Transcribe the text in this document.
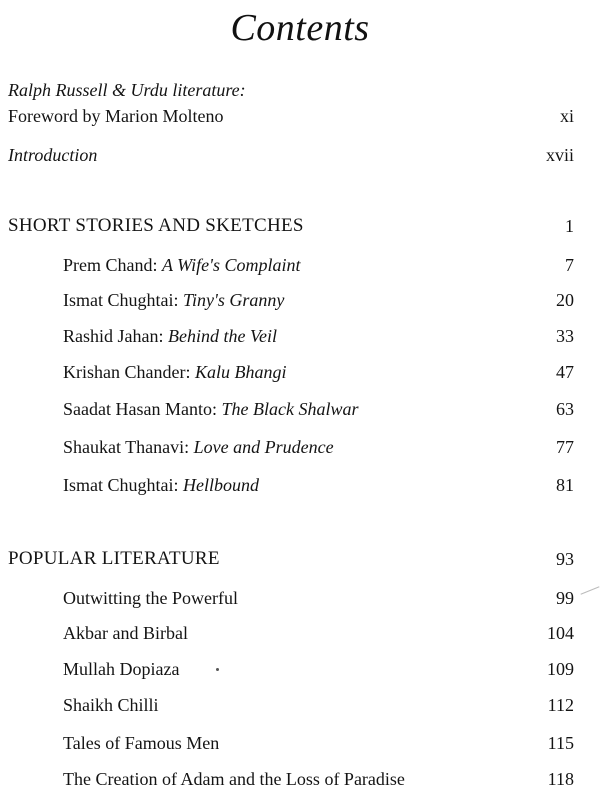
Contents
Ralph Russell & Urdu literature:
Foreword by Marion Molteno	xi
Introduction	xvii
SHORT STORIES AND SKETCHES	1
Prem Chand: A Wife's Complaint	7
Ismat Chughtai: Tiny's Granny	20
Rashid Jahan: Behind the Veil	33
Krishan Chander: Kalu Bhangi	47
Saadat Hasan Manto: The Black Shalwar	63
Shaukat Thanavi: Love and Prudence	77
Ismat Chughtai: Hellbound	81
POPULAR LITERATURE	93
Outwitting the Powerful	99
Akbar and Birbal	104
Mullah Dopiaza	109
Shaikh Chilli	112
Tales of Famous Men	115
The Creation of Adam and the Loss of Paradise	118
